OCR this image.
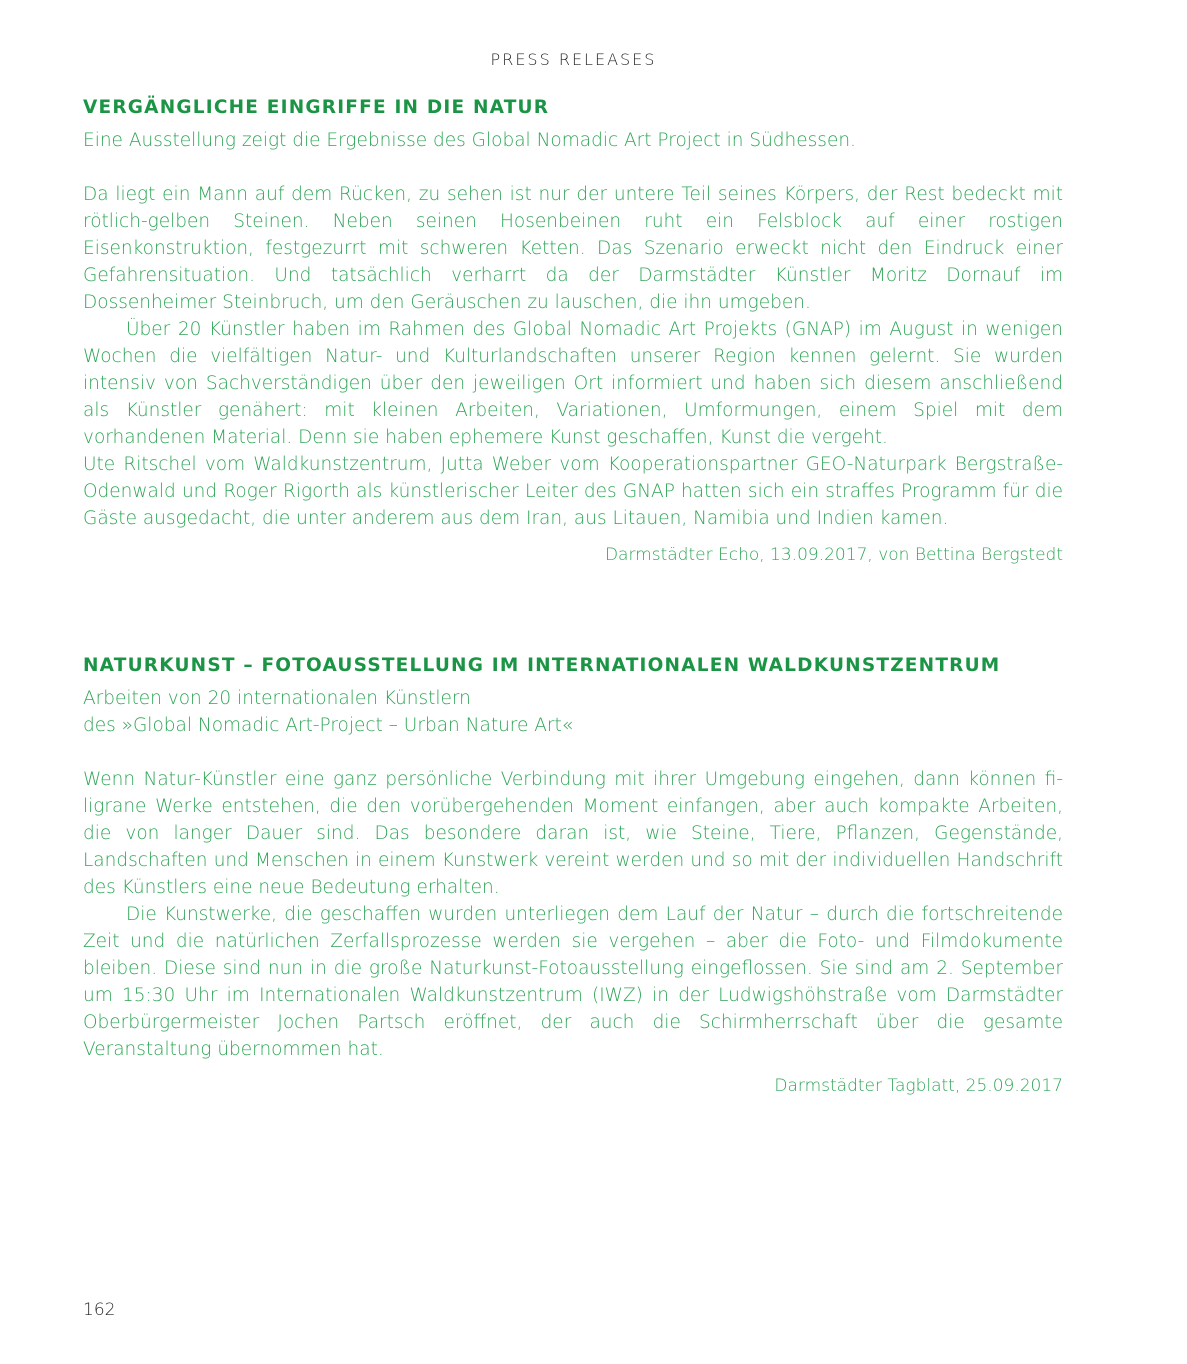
PRESS RELEASES
VERGÄNGLICHE EINGRIFFE IN DIE NATUR
Eine Ausstellung zeigt die Ergebnisse des Global Nomadic Art Project in Südhessen.

Da liegt ein Mann auf dem Rücken, zu sehen ist nur der untere Teil seines Körpers, der Rest bedeckt mit rötlich-gelben Steinen. Neben seinen Hosenbeinen ruht ein Felsblock auf einer rostigen Eisenkonstruktion, festgezurrt mit schweren Ketten. Das Szenario erweckt nicht den Eindruck einer Gefahrensituation. Und tatsächlich verharrt da der Darmstädter Künstler Moritz Dornauf im Dossenheimer Steinbruch, um den Geräuschen zu lauschen, die ihn umgeben.

Über 20 Künstler haben im Rahmen des Global Nomadic Art Projekts (GNAP) im August in wenigen Wochen die vielfältigen Natur- und Kulturlandschaften unserer Region kennen gelernt. Sie wurden intensiv von Sachverständigen über den jeweiligen Ort informiert und haben sich diesem anschließend als Künstler genähert: mit kleinen Arbeiten, Variationen, Umformungen, einem Spiel mit dem vorhandenen Material. Denn sie haben ephemere Kunst geschaffen, Kunst die vergeht.

Ute Ritschel vom Waldkunstzentrum, Jutta Weber vom Kooperationspartner GEO-Naturpark Bergstraße-Odenwald und Roger Rigorth als künstlerischer Leiter des GNAP hatten sich ein straffes Programm für die Gäste ausgedacht, die unter anderem aus dem Iran, aus Litauen, Namibia und Indien kamen.

Darmstädter Echo, 13.09.2017, von Bettina Bergstedt
NATURKUNST – FOTOAUSSTELLUNG IM INTERNATIONALEN WALDKUNSTZENTRUM
Arbeiten von 20 internationalen Künstlern
des »Global Nomadic Art-Project – Urban Nature Art«

Wenn Natur-Künstler eine ganz persönliche Verbindung mit ihrer Umgebung eingehen, dann können filigrane Werke entstehen, die den vorübergehenden Moment einfangen, aber auch kompakte Arbeiten, die von langer Dauer sind. Das besondere daran ist, wie Steine, Tiere, Pflanzen, Gegenstände, Landschaften und Menschen in einem Kunstwerk vereint werden und so mit der individuellen Handschrift des Künstlers eine neue Bedeutung erhalten.

Die Kunstwerke, die geschaffen wurden unterliegen dem Lauf der Natur – durch die fortschreitende Zeit und die natürlichen Zerfallsprozesse werden sie vergehen – aber die Foto- und Filmdokumente bleiben. Diese sind nun in die große Naturkunst-Fotoausstellung eingeflossen. Sie sind am 2. September um 15:30 Uhr im Internationalen Waldkunstzentrum (IWZ) in der Ludwigshöhstraße vom Darmstädter Oberbürgermeister Jochen Partsch eröffnet, der auch die Schirmherrschaft über die gesamte Veranstaltung übernommen hat.

Darmstädter Tagblatt, 25.09.2017
162
